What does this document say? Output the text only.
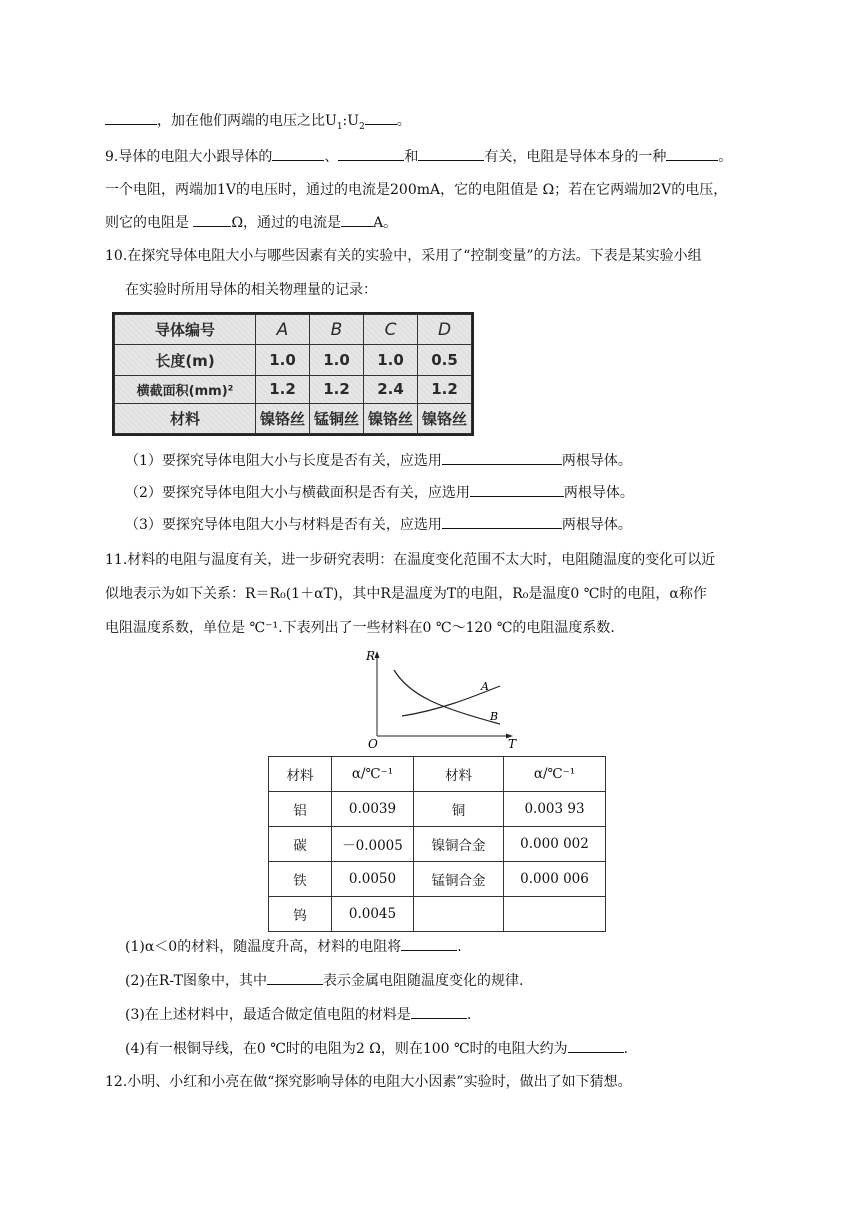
，加在他们两端的电压之比$U_1:U_2$ 。
9.导体的电阻大小跟导体的	、	和	有关，电阻是导体本身的一种	。
一个电阻，两端加1V的电压时，通过的电流是200mA，它的电阻值是 Ω；若在它两端加2V的电压，
则它的电阻是	Ω，通过的电流是 A。
10.在探究导体电阻大小与哪些因素有关的实验中，采用了“控制变量”的方法。下表是某实验小组
在实验时所用导体的相关物理量的记录：
导体编号	A	B	C	D
长度(m)	1.0	1.0	1.0	0.5
横截面积(mm)²	1.2	1.2	2.4	1.2
材料	镍铬丝	锰铜丝	镍铬丝	镍铬丝
（1）要探究导体电阻大小与长度是否有关，应选用	两根导体。
（2）要探究导体电阻大小与横截面积是否有关，应选用	两根导体。
（3）要探究导体电阻大小与材料是否有关，应选用	两根导体。
11.材料的电阻与温度有关，进一步研究表明：在温度变化范围不太大时，电阻随温度的变化可以近
似地表示为如下关系：R＝R₀(1＋αT)，其中R是温度为T的电阻，R₀是温度0 ℃时的电阻，α称作
电阻温度系数，单位是 ℃⁻¹.下表列出了一些材料在0 ℃～120 ℃的电阻温度系数.
R
T
O
A
B
材料	α/℃⁻¹	材料	α/℃⁻¹
铝	0.0039	铜	0.003 93
碳	－0.0005	镍铜合金	0.000 002
铁	0.0050	锰铜合金	0.000 006
钨	0.0045		
(1)α＜0的材料，随温度升高，材料的电阻将	.
(2)在R-T图象中，其中	表示金属电阻随温度变化的规律.
(3)在上述材料中，最适合做定值电阻的材料是	.
(4)有一根铜导线，在0 ℃时的电阻为2 Ω，则在100 ℃时的电阻大约为	.
12.小明、小红和小亮在做“探究影响导体的电阻大小因素”实验时，做出了如下猜想。
